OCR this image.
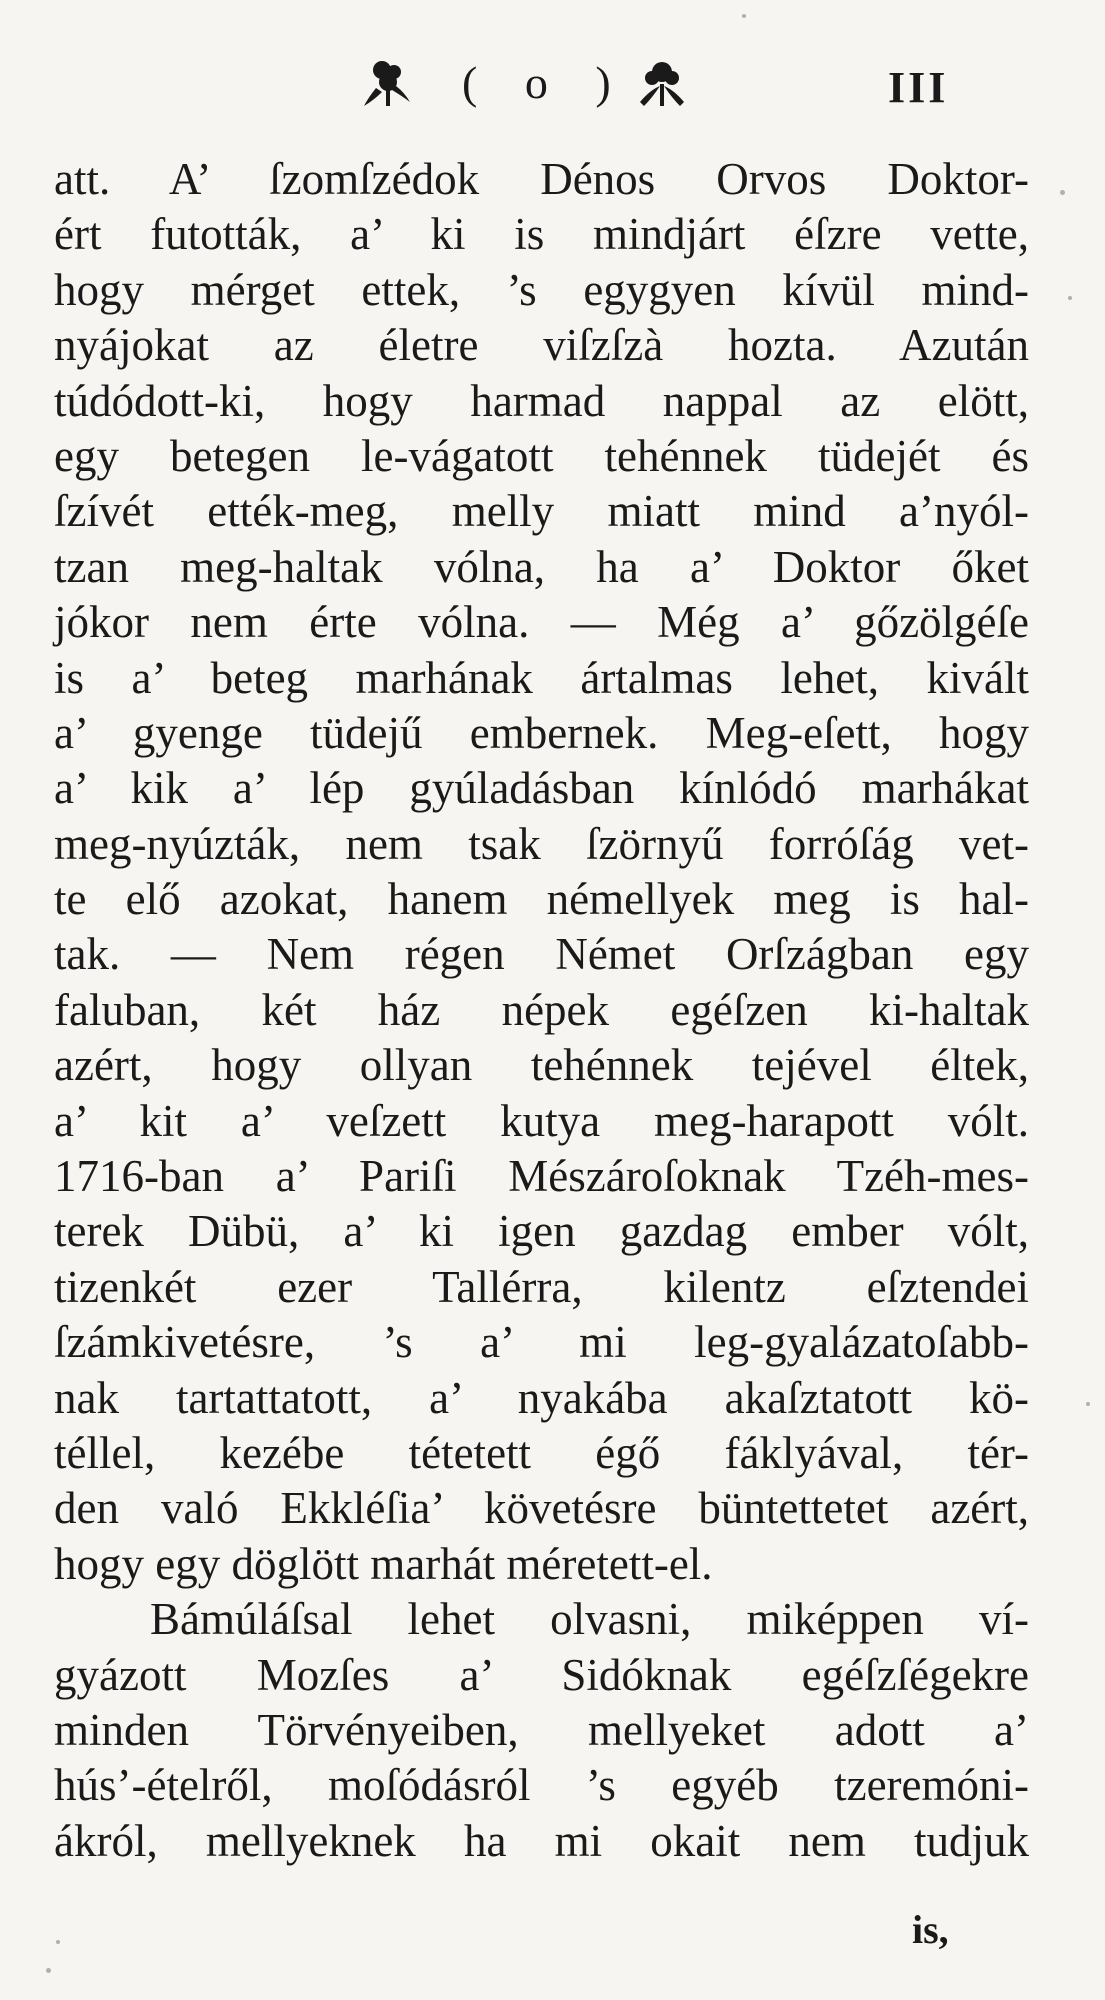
( o )	III
att. A’ ſzomſzédok Dénos Orvos Doktor-
ért futották, a’ ki is mindjárt éſzre vette,
hogy mérget ettek, ’s egygyen kívül mind-
nyájokat az életre viſzſzà hozta. Azután
túdódott-ki, hogy harmad nappal az elött,
egy betegen le-vágatott tehénnek tüdejét és
ſzívét ették-meg, melly miatt mind a’nyól-
tzan meg-haltak vólna, ha a’ Doktor őket
jókor nem érte vólna. — Még a’ gőzölgéſe
is a’ beteg marhának ártalmas lehet, kivált
a’ gyenge tüdejű embernek. Meg-eſett, hogy
a’ kik a’ lép gyúladásban kínlódó marhákat
meg-nyúzták, nem tsak ſzörnyű forróſág vet-
te elő azokat, hanem némellyek meg is hal-
tak. — Nem régen Német Orſzágban egy
faluban, két ház népek egéſzen ki-haltak
azért, hogy ollyan tehénnek tejével éltek,
a’ kit a’ veſzett kutya meg-harapott vólt.
1716-ban a’ Pariſi Mészároſoknak Tzéh-mes-
terek Dübü, a’ ki igen gazdag ember vólt,
tizenkét ezer Tallérra, kilentz eſztendei
ſzámkivetésre, ’s a’ mi leg-gyalázatoſabb-
nak tartattatott, a’ nyakába akaſztatott kö-
téllel, kezébe tétetett égő fáklyával, tér-
den való Ekkléſia’ követésre büntettetet azért,
hogy egy döglött marhát méretett-el.
Bámúláſsal lehet olvasni, miképpen ví-
gyázott Mozſes a’ Sidóknak egéſzſégekre
minden Törvényeiben, mellyeket adott a’
hús’-ételről, moſódásról ’s egyéb tzeremóni-
ákról, mellyeknek ha mi okait nem tudjuk
is,
